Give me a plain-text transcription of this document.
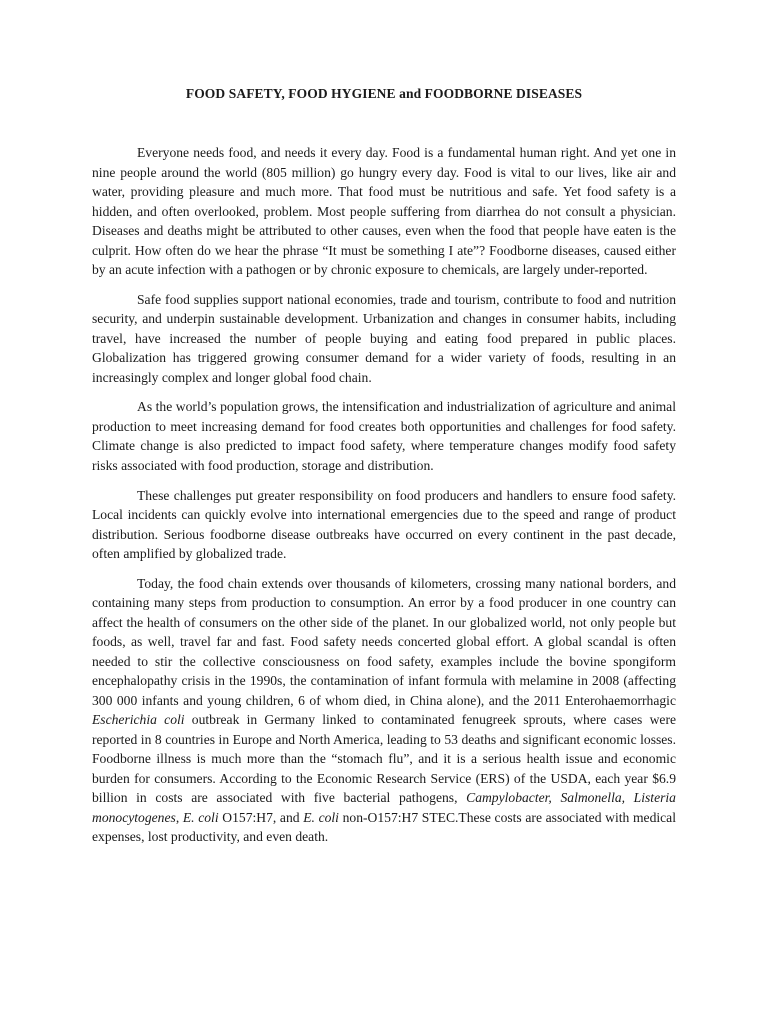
FOOD SAFETY, FOOD HYGIENE and FOODBORNE DISEASES

Everyone needs food, and needs it every day. Food is a fundamental human right. And yet one in nine people around the world (805 million) go hungry every day. Food is vital to our lives, like air and water, providing pleasure and much more. That food must be nutritious and safe. Yet food safety is a hidden, and often overlooked, problem. Most people suffering from diarrhea do not consult a physician. Diseases and deaths might be attributed to other causes, even when the food that people have eaten is the culprit. How often do we hear the phrase “It must be something I ate”? Foodborne diseases, caused either by an acute infection with a pathogen or by chronic exposure to chemicals, are largely under-reported.

Safe food supplies support national economies, trade and tourism, contribute to food and nutrition security, and underpin sustainable development. Urbanization and changes in consumer habits, including travel, have increased the number of people buying and eating food prepared in public places. Globalization has triggered growing consumer demand for a wider variety of foods, resulting in an increasingly complex and longer global food chain.

As the world’s population grows, the intensification and industrialization of agriculture and animal production to meet increasing demand for food creates both opportunities and challenges for food safety. Climate change is also predicted to impact food safety, where temperature changes modify food safety risks associated with food production, storage and distribution.

These challenges put greater responsibility on food producers and handlers to ensure food safety. Local incidents can quickly evolve into international emergencies due to the speed and range of product distribution. Serious foodborne disease outbreaks have occurred on every continent in the past decade, often amplified by globalized trade.

Today, the food chain extends over thousands of kilometers, crossing many national borders, and containing many steps from production to consumption. An error by a food producer in one country can affect the health of consumers on the other side of the planet. In our globalized world, not only people but foods, as well, travel far and fast. Food safety needs concerted global effort. A global scandal is often needed to stir the collective consciousness on food safety, examples include the bovine spongiform encephalopathy crisis in the 1990s, the contamination of infant formula with melamine in 2008 (affecting 300 000 infants and young children, 6 of whom died, in China alone), and the 2011 Enterohaemorrhagic Escherichia coli outbreak in Germany linked to contaminated fenugreek sprouts, where cases were reported in 8 countries in Europe and North America, leading to 53 deaths and significant economic losses. Foodborne illness is much more than the “stomach flu”, and it is a serious health issue and economic burden for consumers. According to the Economic Research Service (ERS) of the USDA, each year $6.9 billion in costs are associated with five bacterial pathogens, Campylobacter, Salmonella, Listeria monocytogenes, E. coli O157:H7, and E. coli non-O157:H7 STEC.These costs are associated with medical expenses, lost productivity, and even death.
